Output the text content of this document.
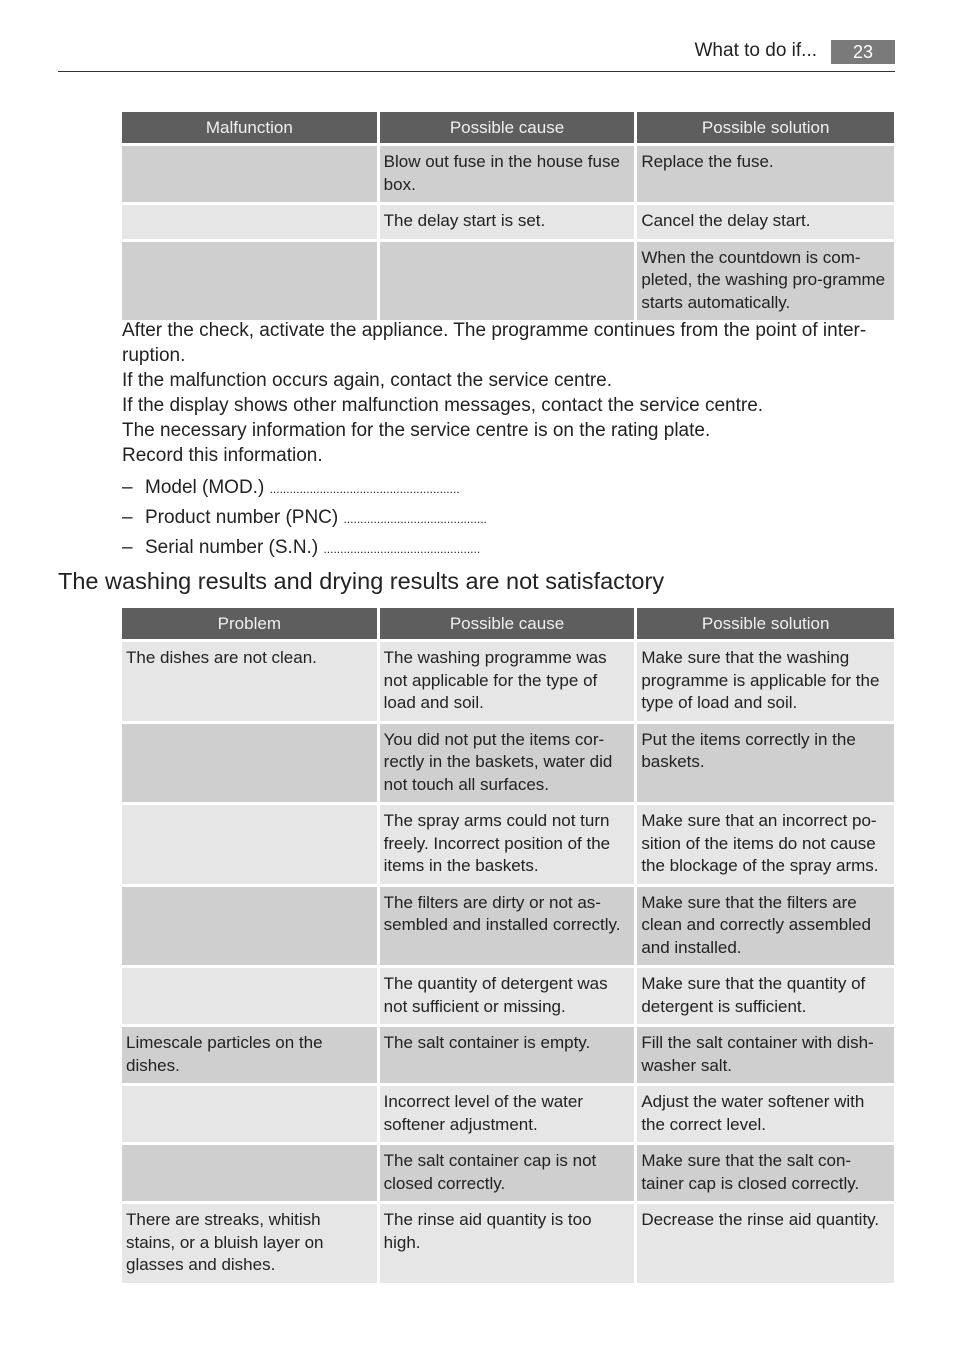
What to do if...	23
Malfunction	Possible cause	Possible solution
	Blow out fuse in the house fuse box.	Replace the fuse.
	The delay start is set.	Cancel the delay start.
		When the countdown is com-pleted, the washing pro-gramme starts automatically.

After the check, activate the appliance. The programme continues from the point of inter-ruption.

If the malfunction occurs again, contact the service centre.

If the display shows other malfunction messages, contact the service centre.

The necessary information for the service centre is on the rating plate.

Record this information.

– Model (MOD.) .........................................................
– Product number (PNC) ...........................................
– Serial number (S.N.) ...............................................
The washing results and drying results are not satisfactory
Problem	Possible cause	Possible solution
The dishes are not clean.	The washing programme was not applicable for the type of load and soil.	Make sure that the washing programme is applicable for the type of load and soil.
	You did not put the items cor-rectly in the baskets, water did not touch all surfaces.	Put the items correctly in the baskets.
	The spray arms could not turn freely. Incorrect position of the items in the baskets.	Make sure that an incorrect po-sition of the items do not cause the blockage of the spray arms.
	The filters are dirty or not as-sembled and installed correctly.	Make sure that the filters are clean and correctly assembled and installed.
	The quantity of detergent was not sufficient or missing.	Make sure that the quantity of detergent is sufficient.
Limescale particles on the dishes.	The salt container is empty.	Fill the salt container with dish-washer salt.
	Incorrect level of the water softener adjustment.	Adjust the water softener with the correct level.
	The salt container cap is not closed correctly.	Make sure that the salt con-tainer cap is closed correctly.
There are streaks, whitish stains, or a bluish layer on glasses and dishes.	The rinse aid quantity is too high.	Decrease the rinse aid quantity.
